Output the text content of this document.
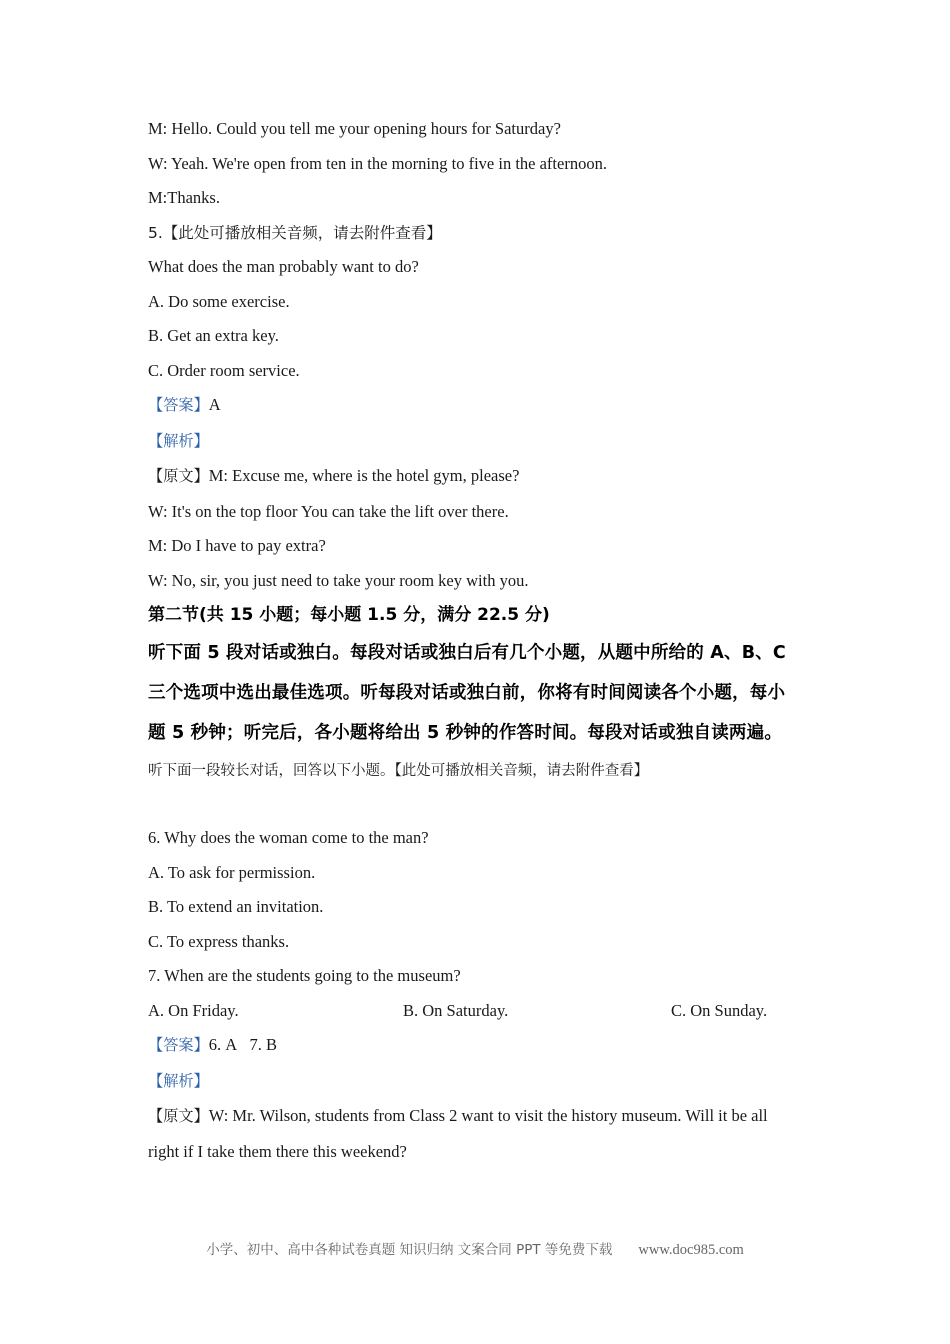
M: Hello. Could you tell me your opening hours for Saturday?
W: Yeah. We're open from ten in the morning to five in the afternoon.
M:Thanks.
5.【此处可播放相关音频，请去附件查看】
What does the man probably want to do?
A. Do some exercise.
B. Get an extra key.
C. Order room service.
【答案】A
【解析】
【原文】M: Excuse me, where is the hotel gym, please?
W: It's on the top floor You can take the lift over there.
M: Do I have to pay extra?
W: No, sir, you just need to take your room key with you.
第二节(共 15 小题；每小题 1.5 分，满分 22.5 分)
听下面 5 段对话或独白。每段对话或独白后有几个小题，从题中所给的 A、B、C 三个选项中选出最佳选项。听每段对话或独白前，你将有时间阅读各个小题，每小题 5 秒钟；听完后，各小题将给出 5 秒钟的作答时间。每段对话或独自读两遍。
听下面一段较长对话，回答以下小题。【此处可播放相关音频，请去附件查看】
6. Why does the woman come to the man?
A. To ask for permission.
B. To extend an invitation.
C. To express thanks.
7. When are the students going to the museum?
A. On Friday.	B. On Saturday.	C. On Sunday.
【答案】6. A   7. B
【解析】
【原文】W: Mr. Wilson, students from Class 2 want to visit the history museum. Will it be all
right if I take them there this weekend?
小学、初中、高中各种试卷真题 知识归纳 文案合同 PPT 等免费下载 www.doc985.com
